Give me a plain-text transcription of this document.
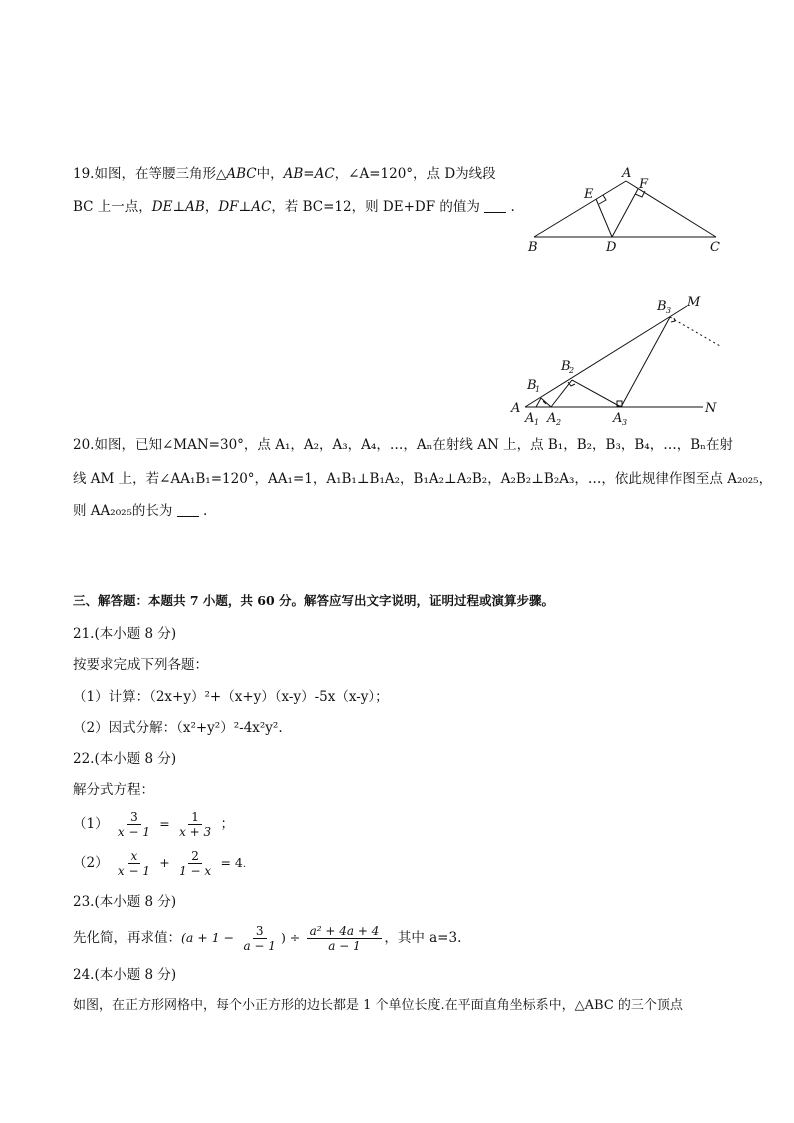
19.如图，在等腰三角形△ABC中，AB=AC，∠A=120°，点 D为线段
BC 上一点，DE⊥AB，DF⊥AC，若 BC=12，则 DE+DF 的值为 .
A
E
F
B	D	C
B 3
M
B
2
B
1
A
A 1 A 2	A 3
N
20.如图，已知∠MAN=30°，点 A₁，A₂，A₃，A₄，…，Aₙ在射线 AN 上，点 B₁，B₂，B₃，B₄，…，Bₙ在射
线 AM 上，若∠AA₁B₁=120°，AA₁=1，A₁B₁⊥B₁A₂，B₁A₂⊥A₂B₂，A₂B₂⊥B₂A₃，…，依此规律作图至点 A₂₀₂₅，
则 AA₂₀₂₅的长为 .
三、解答题：本题共 7 小题，共 60 分。解答应写出文字说明，证明过程或演算步骤。
21.(本小题 8 分)
按要求完成下列各题：
（1）计算：（2x+y）²+（x+y）（x-y）-5x（x-y）；
（2）因式分解：（x²+y²）²-4x²y².
22.(本小题 8 分)
解分式方程：
$(1) \frac{3}{x - 1} = \frac{1}{x + 3}$ ；
$(2) \frac{x}{x - 1} + \frac{2}{1 - x} = 4$.
23.(本小题 8 分)
先化简，再求值：($a + 1 - \frac{3}{a - 1}$ ) ÷ $\frac{\text{a² + 4a + 4}}{a - 1}$ ，其中 a=3.
24.(本小题 8 分)
如图，在正方形网格中，每个小正方形的边长都是 1 个单位长度.在平面直角坐标系中，△ABC 的三个顶点
